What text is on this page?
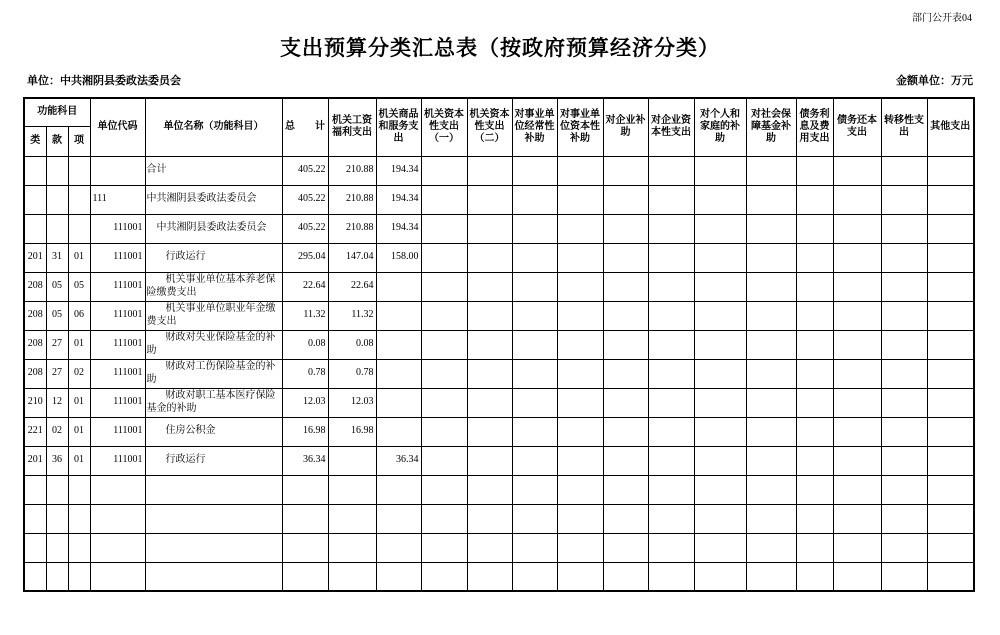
部门公开表04
支出预算分类汇总表（按政府预算经济分类）
单位：中共湘阴县委政法委员会	金额单位：万元
功能科目			单位代码	单位名称（功能科目）	总　　计	机关工资福利支出	机关商品和服务支出	机关资本性支出（一）	机关资本性支出（二）	对事业单位经常性补助	对事业单位资本性补助	对企业补助	对企业资本性支出	对个人和家庭的补助	对社会保障基金补助	债务利息及费用支出	债务还本支出	转移性支出	其他支出
类	款	项																	
				合计	405.22	210.88	194.34												
			111	中共湘阴县委政法委员会	405.22	210.88	194.34												
			111001	中共湘阴县委政法委员会	405.22	210.88	194.34												
201	31	01	111001	行政运行	295.04	147.04	158.00												
208	05	05	111001	机关事业单位基本养老保险缴费支出	22.64	22.64													
208	05	06	111001	机关事业单位职业年金缴费支出	11.32	11.32													
208	27	01	111001	财政对失业保险基金的补助	0.08	0.08													
208	27	02	111001	财政对工伤保险基金的补助	0.78	0.78													
210	12	01	111001	财政对职工基本医疗保险基金的补助	12.03	12.03													
221	02	01	111001	住房公积金	16.98	16.98													
201	36	01	111001	行政运行	36.34		36.34												
